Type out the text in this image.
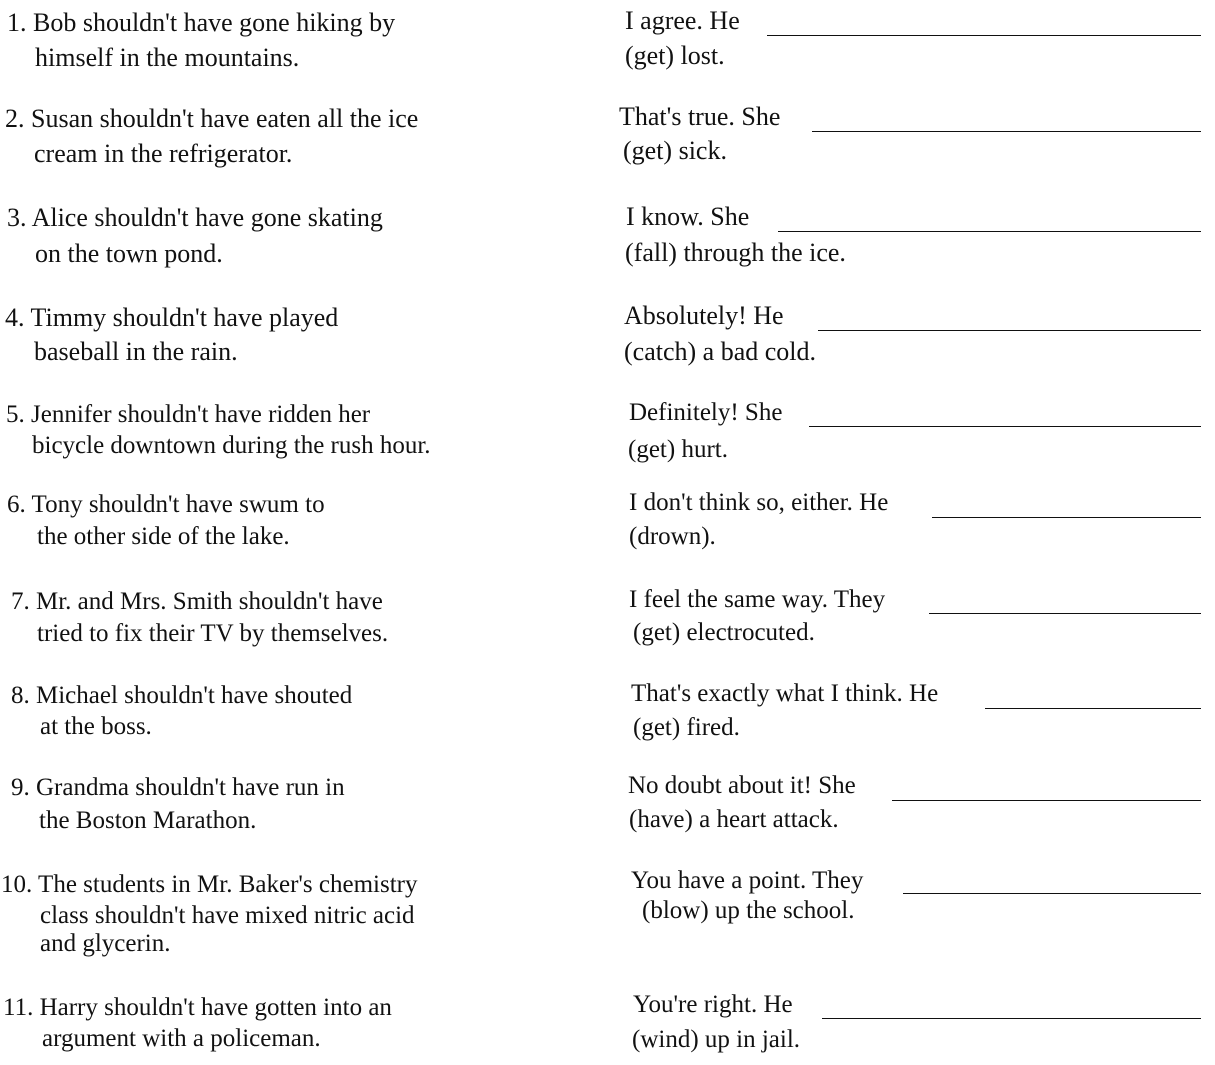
1. Bob shouldn't have gone hiking by
himself in the mountains.
I agree. He
(get) lost.
2. Susan shouldn't have eaten all the ice
cream in the refrigerator.
That's true. She
(get) sick.
3. Alice shouldn't have gone skating
on the town pond.
I know. She
(fall) through the ice.
4. Timmy shouldn't have played
baseball in the rain.
Absolutely! He
(catch) a bad cold.
5. Jennifer shouldn't have ridden her
bicycle downtown during the rush hour.
Definitely! She
(get) hurt.
6. Tony shouldn't have swum to
the other side of the lake.
I don't think so, either. He
(drown).
7. Mr. and Mrs. Smith shouldn't have
tried to fix their TV by themselves.
I feel the same way. They
(get) electrocuted.
8. Michael shouldn't have shouted
at the boss.
That's exactly what I think. He
(get) fired.
9. Grandma shouldn't have run in
the Boston Marathon.
No doubt about it! She
(have) a heart attack.
10. The students in Mr. Baker's chemistry
class shouldn't have mixed nitric acid
and glycerin.
You have a point. They
(blow) up the school.
11. Harry shouldn't have gotten into an
argument with a policeman.
You're right. He
(wind) up in jail.
